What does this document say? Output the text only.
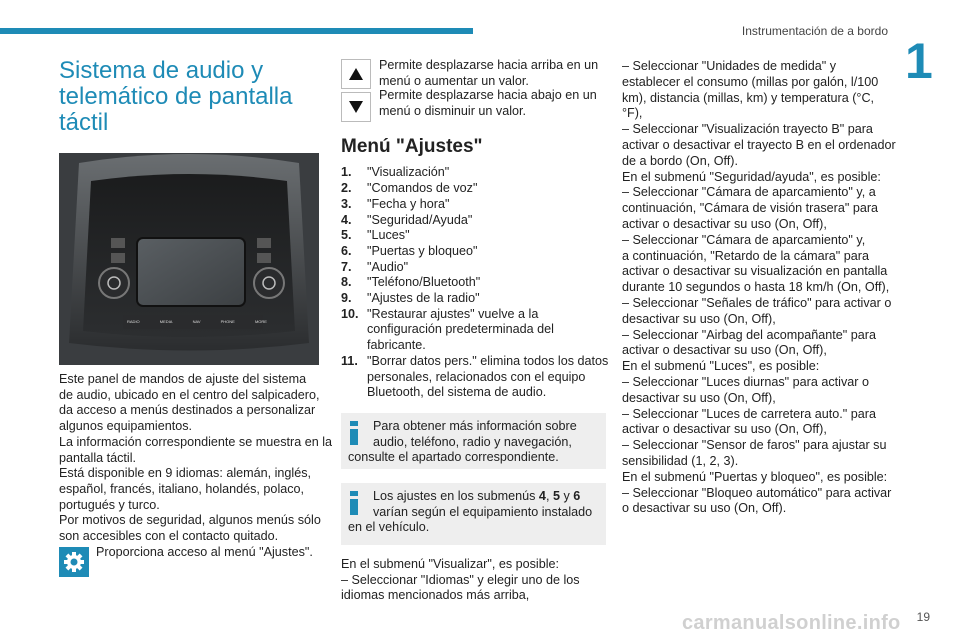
Instrumentación de a bordo
1
Sistema de audio y telemático de pantalla táctil
RADIO	MEDIA	NAV	PHONE	MORE
Este panel de mandos de ajuste del sistema
de audio, ubicado en el centro del salpicadero,
da acceso a menús destinados a personalizar
algunos equipamientos.
La información correspondiente se muestra en la
pantalla táctil.
Está disponible en 9 idiomas: alemán, inglés,
español, francés, italiano, holandés, polaco,
portugués y turco.
Por motivos de seguridad, algunos menús sólo
son accesibles con el contacto quitado.
Proporciona acceso al menú "Ajustes".
Permite desplazarse hacia arriba en un
menú o aumentar un valor.
Permite desplazarse hacia abajo en un
menú o disminuir un valor.
Menú "Ajustes"
1.	"Visualización"
2.	"Comandos de voz"
3.	"Fecha y hora"
4.	"Seguridad/Ayuda"
5.	"Luces"
6.	"Puertas y bloqueo"
7.	"Audio"
8.	"Teléfono/Bluetooth"
9.	"Ajustes de la radio"
10. "Restaurar ajustes" vuelve a la
configuración predeterminada del
fabricante.
11. "Borrar datos pers." elimina todos los datos
personales, relacionados con el equipo
Bluetooth, del sistema de audio.
Para obtener más información sobre
audio, teléfono, radio y navegación,
consulte el apartado correspondiente.
Los ajustes en los submenús 4, 5 y 6
varían según el equipamiento instalado
en el vehículo.
En el submenú "Visualizar", es posible:
– Seleccionar "Idiomas" y elegir uno de los
idiomas mencionados más arriba,
– Seleccionar "Unidades de medida" y
establecer el consumo (millas por galón, l/100
km), distancia (millas, km) y temperatura (°C,
°F),
– Seleccionar "Visualización trayecto B" para
activar o desactivar el trayecto B en el ordenador
de a bordo (On, Off).
En el submenú "Seguridad/ayuda", es posible:
– Seleccionar "Cámara de aparcamiento" y, a
continuación, "Cámara de visión trasera" para
activar o desactivar su uso (On, Off),
– Seleccionar "Cámara de aparcamiento" y,
a continuación, "Retardo de la cámara" para
activar o desactivar su visualización en pantalla
durante 10 segundos o hasta 18 km/h (On, Off),
– Seleccionar "Señales de tráfico" para activar o
desactivar su uso (On, Off),
– Seleccionar "Airbag del acompañante" para
activar o desactivar su uso (On, Off),
En el submenú "Luces", es posible:
– Seleccionar "Luces diurnas" para activar o
desactivar su uso (On, Off),
– Seleccionar "Luces de carretera auto." para
activar o desactivar su uso (On, Off),
– Seleccionar "Sensor de faros" para ajustar su
sensibilidad (1, 2, 3).
En el submenú "Puertas y bloqueo", es posible:
– Seleccionar "Bloqueo automático" para activar
o desactivar su uso (On, Off).
19
carmanualsonline.info
